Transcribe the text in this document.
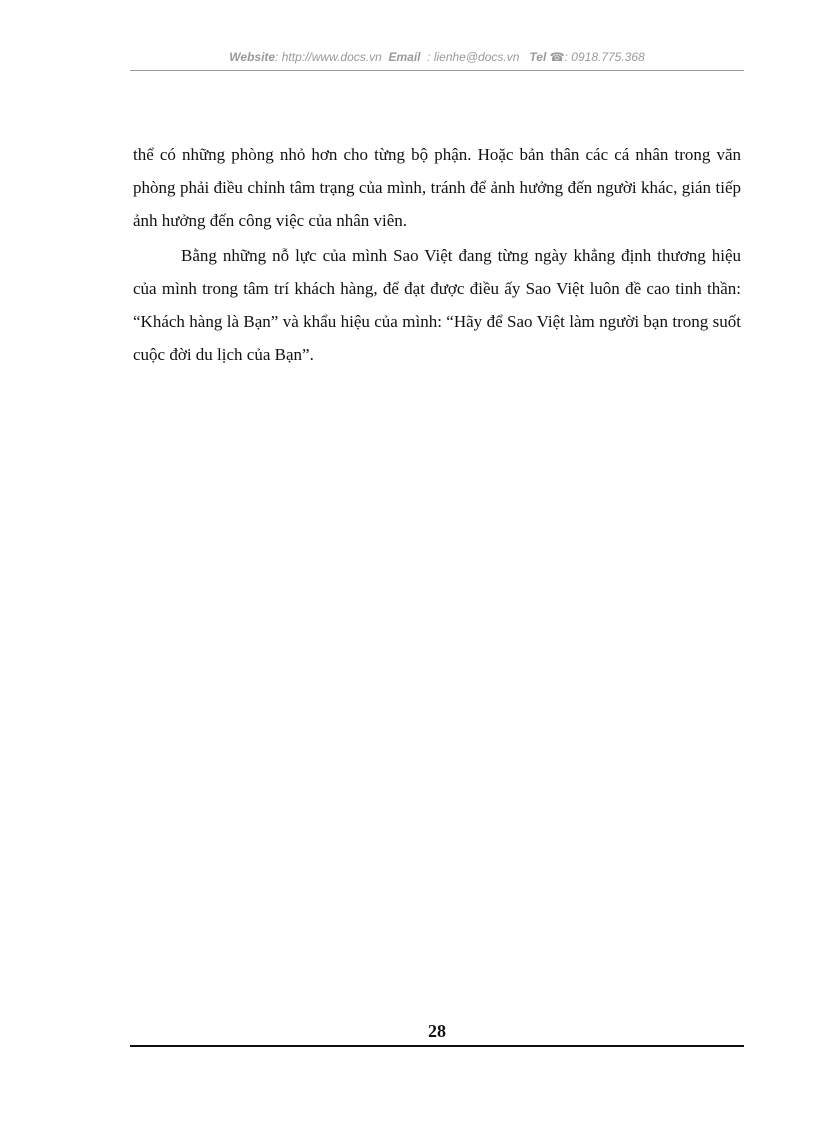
Website: http://www.docs.vn Email  : lienhe@docs.vn Tel ☎: 0918.775.368

thể có những phòng nhỏ hơn cho từng bộ phận. Hoặc bản thân các cá nhân trong văn phòng phải điều chỉnh tâm trạng của mình, tránh để ảnh hưởng đến người khác, gián tiếp ảnh hưởng đến công việc của nhân viên.

Bằng những nỗ lực của mình Sao Việt đang từng ngày khẳng định thương hiệu của mình trong tâm trí khách hàng, để đạt được điều ấy Sao Việt luôn đề cao tinh thần: “Khách hàng là Bạn” và khẩu hiệu của mình: “Hãy để Sao Việt làm người bạn trong suốt cuộc đời du lịch của Bạn”.

28
